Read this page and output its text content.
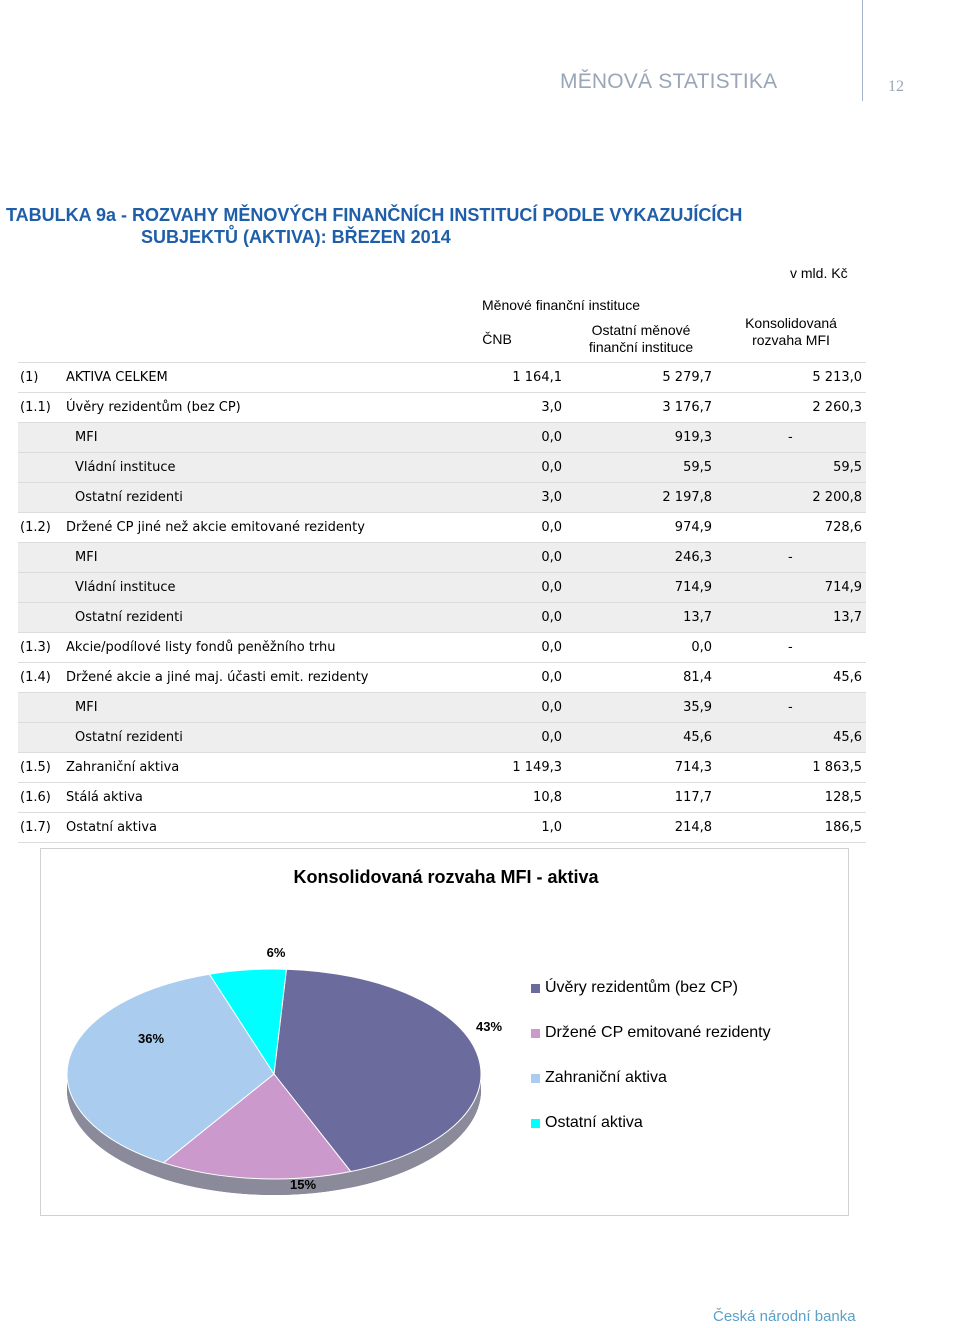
MĚNOVÁ STATISTIKA	12
TABULKA 9a - ROZVAHY MĚNOVÝCH FINANČNÍCH INSTITUCÍ PODLE VYKAZUJÍCÍCH
SUBJEKTŮ (AKTIVA): BŘEZEN 2014
v mld. Kč
	Měnové finanční instituce		Konsolidovaná
rozvaha MFI
	ČNB	Ostatní měnové
finanční instituce	
(1) AKTIVA CELKEM	1 164,1	5 279,7	5 213,0
(1.1) Úvěry rezidentům (bez CP)	3,0	3 176,7	2 260,3
MFI	0,0	919,3	-
Vládní instituce	0,0	59,5	59,5
Ostatní rezidenti	3,0	2 197,8	2 200,8
(1.2) Držené CP jiné než akcie emitované rezidenty	0,0	974,9	728,6
MFI	0,0	246,3	-
Vládní instituce	0,0	714,9	714,9
Ostatní rezidenti	0,0	13,7	13,7
(1.3) Akcie/podílové listy fondů peněžního trhu	0,0	0,0	-
(1.4) Držené akcie a jiné maj. účasti emit. rezidenty	0,0	81,4	45,6
MFI	0,0	35,9	-
Ostatní rezidenti	0,0	45,6	45,6
(1.5) Zahraniční aktiva	1 149,3	714,3	1 863,5
(1.6) Stálá aktiva	10,8	117,7	128,5
(1.7) Ostatní aktiva	1,0	214,8	186,5
Konsolidovaná rozvaha MFI - aktiva
43%
15%
36%
6%
Úvěry rezidentům (bez CP)
Držené CP emitované rezidenty
Zahraniční aktiva
Ostatní aktiva
Česká národní banka
